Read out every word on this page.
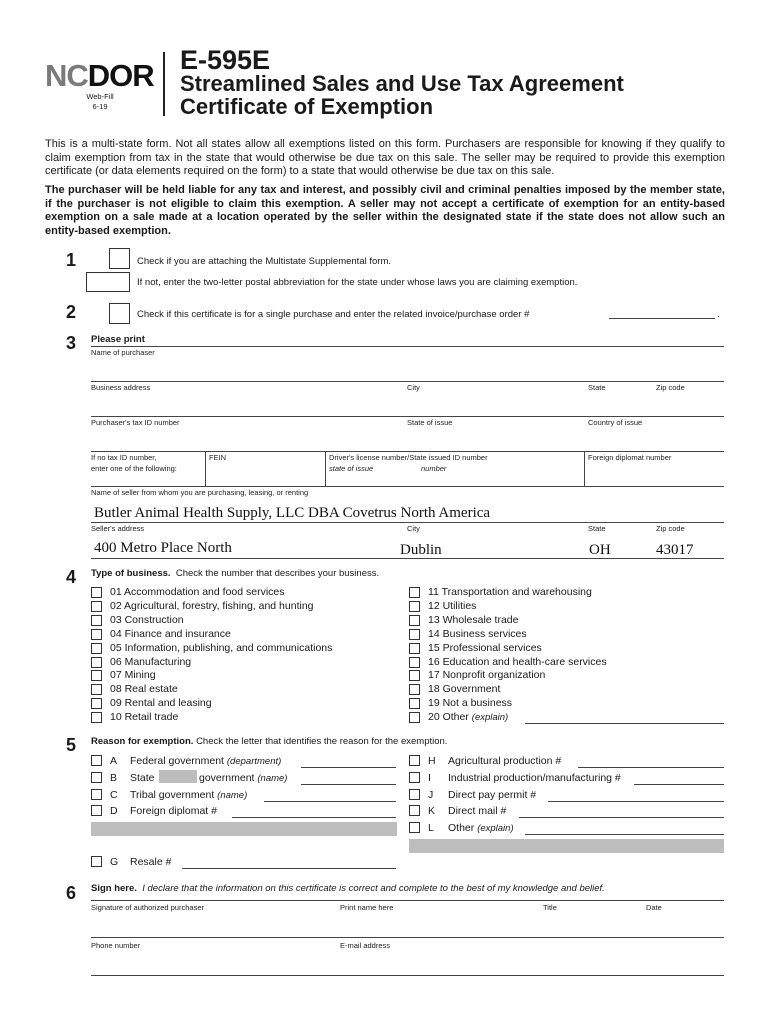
NCDOR
Web-Fill
6-19
E-595E
Streamlined Sales and Use Tax Agreement
Certificate of Exemption
This is a multi-state form. Not all states allow all exemptions listed on this form. Purchasers are responsible for knowing if they qualify to claim exemption from tax in the state that would otherwise be due tax on this sale. The seller may be required to provide this exemption certificate (or data elements required on the form) to a state that would otherwise be due tax on this sale.
The purchaser will be held liable for any tax and interest, and possibly civil and criminal penalties imposed by the member state, if the purchaser is not eligible to claim this exemption. A seller may not accept a certificate of exemption for an entity-based exemption on a sale made at a location operated by the seller within the designated state if the state does not allow such an entity-based exemption.
1	Check if you are attaching the Multistate Supplemental form.
If not, enter the two-letter postal abbreviation for the state under whose laws you are claiming exemption.
2	Check if this certificate is for a single purchase and enter the related invoice/purchase order #	.
3 Please print
Name of purchaser
Business address	City	State	Zip code
Purchaser's tax ID number	State of issue	Country of issue
If no tax ID number,
enter one of the following:
FEIN	Driver's license number/State issued ID number
state of issue	number
Foreign diplomat number
Name of seller from whom you are purchasing, leasing, or renting
Butler Animal Health Supply, LLC DBA Covetrus North America
Seller's address	City	State	Zip code
400 Metro Place North	Dublin	OH	43017
4 Type of business. Check the number that describes your business.
01 Accommodation and food services
02 Agricultural, forestry, fishing, and hunting
03 Construction
04 Finance and insurance
05 Information, publishing, and communications
06 Manufacturing
07 Mining
08 Real estate
09 Rental and leasing
10 Retail trade
11 Transportation and warehousing
12 Utilities
13 Wholesale trade
14 Business services
15 Professional services
16 Education and health-care services
17 Nonprofit organization
18 Government
19 Not a business
20 Other (explain)
5 Reason for exemption. Check the letter that identifies the reason for the exemption.
A Federal government (department)
B State	government (name)
C Tribal government (name)
D Foreign diplomat #
G Resale #
H Agricultural production #
I Industrial production/manufacturing #
J Direct pay permit #
K Direct mail #
L Other (explain)
6 Sign here. I declare that the information on this certificate is correct and complete to the best of my knowledge and belief.
Signature of authorized purchaser	Print name here	Title	Date
Phone number	E-mail address
